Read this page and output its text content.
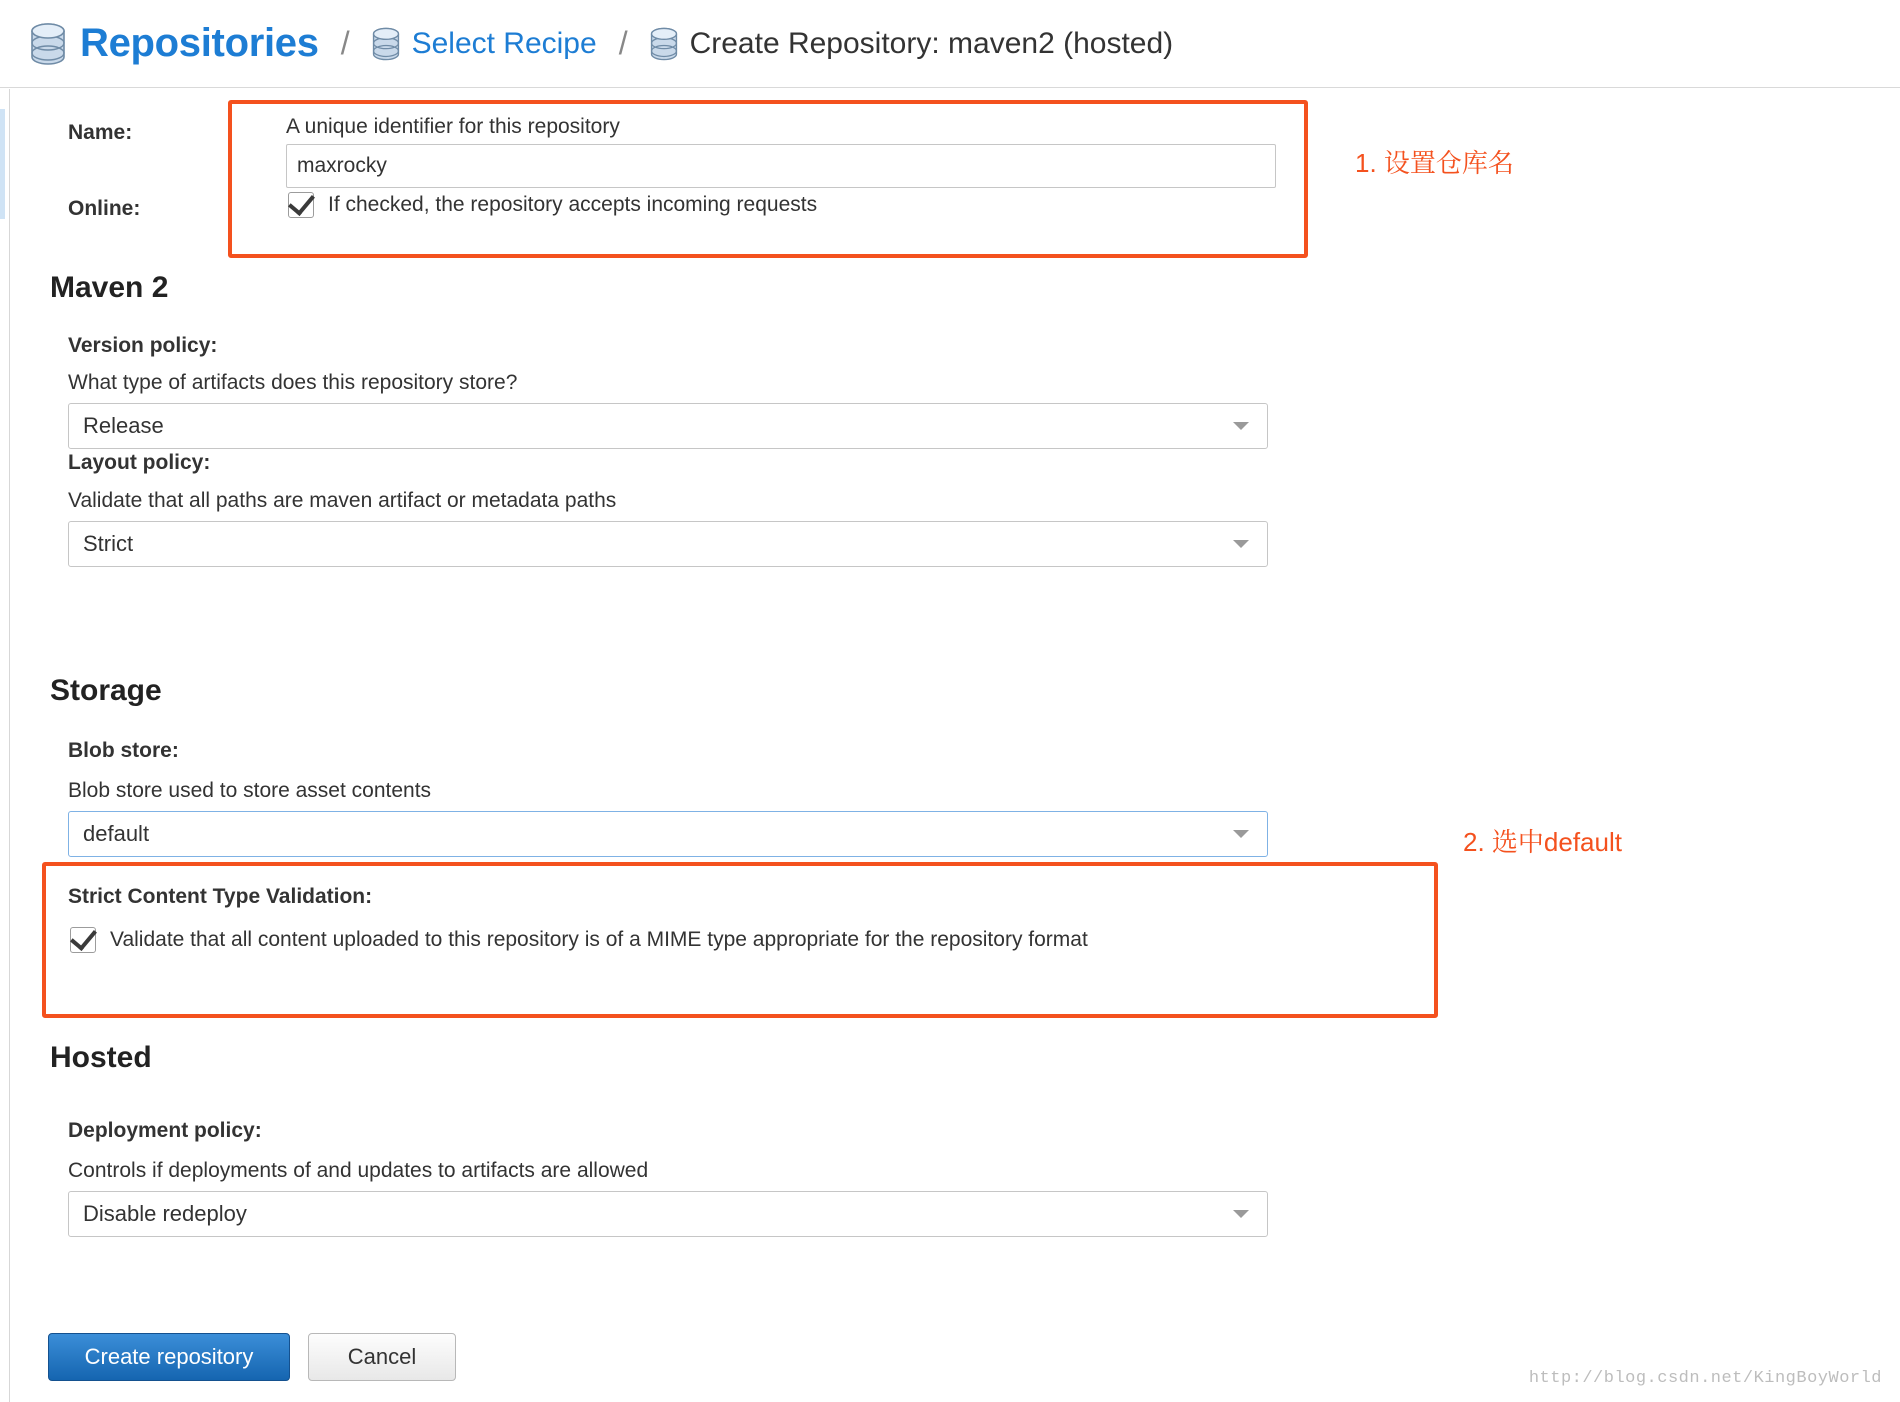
Repositories / Select Recipe / Create Repository: maven2 (hosted)
Name:	A unique identifier for this repository
maxrocky
Online:	If checked, the repository accepts incoming requests
Maven 2
Version policy:
What type of artifacts does this repository store?
Release
Layout policy:
Validate that all paths are maven artifact or metadata paths
Strict
Storage
Blob store:
Blob store used to store asset contents
default
Strict Content Type Validation:
Validate that all content uploaded to this repository is of a MIME type appropriate for the repository format
Hosted
Deployment policy:
Controls if deployments of and updates to artifacts are allowed
Disable redeploy
Create repository	Cancel
1. 设置仓库名
2. 选中default
http://blog.csdn.net/KingBoyWorld
